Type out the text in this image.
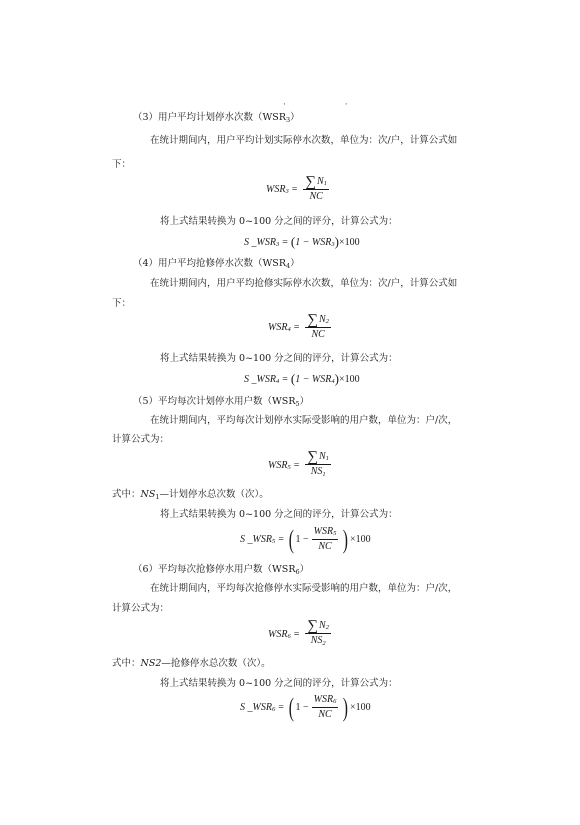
· ·
（3）用户平均计划停水次数$(WSR_3)$
在统计期间内，用户平均计划实际停水次数，单位为：次/户，计算公式如
下：
WSR $3 = \frac{\sum N 1}{NC}$
将上式结果转换为 0~100 分之间的评分，计算公式为：
S _WSR 3 = ( 1 − WSR 3 ) ×100
（4）用户平均抢修停水次数$(WSR_4)$
在统计期间内，用户平均抢修实际停水次数，单位为：次/户，计算公式如
下：
WSR $4 = \frac{\sum N 2}{NC}$
将上式结果转换为 0~100 分之间的评分，计算公式为：
S _WSR 4 = ( 1 − WSR 4 ) ×100
（5）平均每次计划停水用户数$(WSR_5)$
在统计期间内，平均每次计划停水实际受影响的用户数，单位为：户/次，
计算公式为：
WSR $5 = \frac{\sum N 1}{NS_1}$
式中：$NS_1—$计划停水总次数（次）。
将上式结果转换为 0~100 分之间的评分，计算公式为：
S _WSR 5 = ( $1 - \frac{\text{WSR 5}}{NC}$ ) ×100
（6）平均每次抢修停水用户数$(WSR_6)$
在统计期间内，平均每次抢修停水实际受影响的用户数，单位为：户/次，
计算公式为：
WSR $6 = \frac{\sum N 2}{NS_2}$
式中：NS2—抢修停水总次数（次）。
将上式结果转换为 0~100 分之间的评分，计算公式为：
S _WSR 6 = ( $1 - \frac{\text{WSR 6}}{NC}$ ) ×100
